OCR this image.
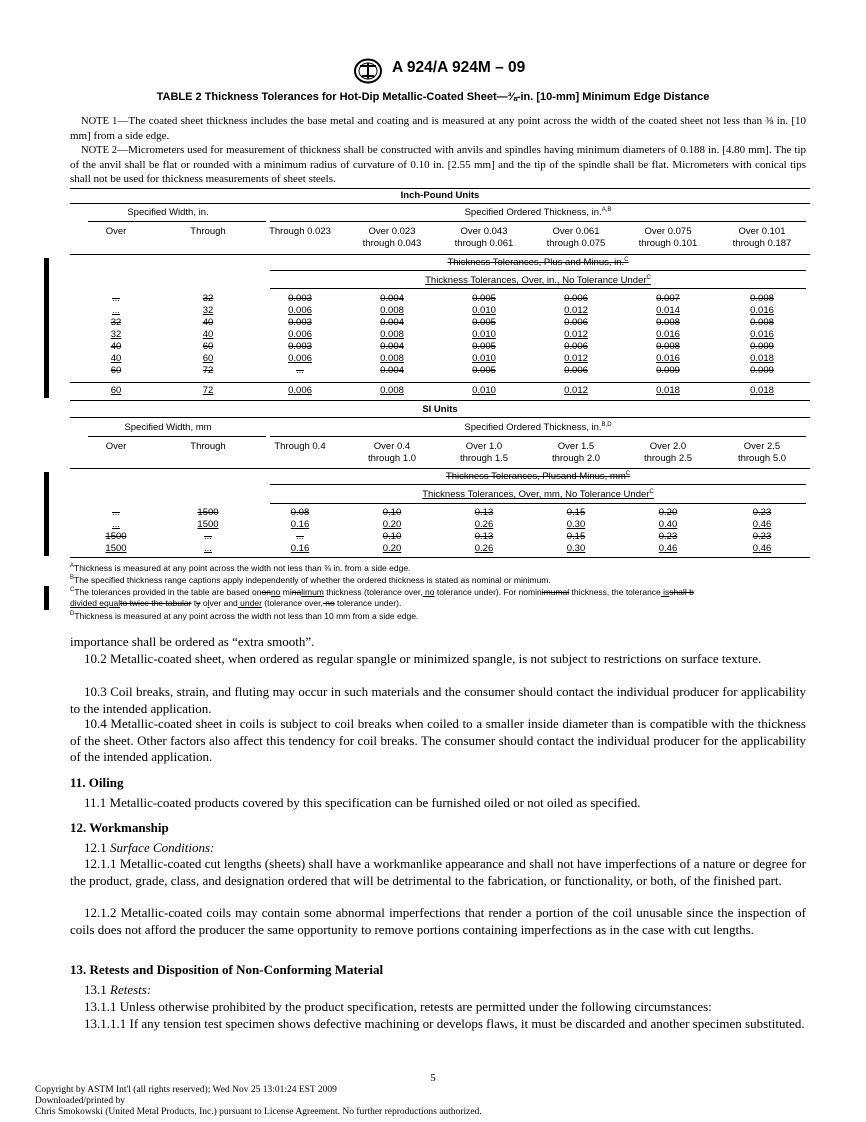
A 924/A 924M – 09
TABLE 2 Thickness Tolerances for Hot-Dip Metallic-Coated Sheet—⅜-in. [10-mm] Minimum Edge Distance
 NOTE 1—The coated sheet thickness includes the base metal and coating and is measured at any point across the width of the coated sheet not less than ⅜ in. [10 mm] from a side edge.
 NOTE 2—Micrometers used for measurement of thickness shall be constructed with anvils and spindles having minimum diameters of 0.188 in. [4.80 mm]. The tip of the anvil shall be flat or rounded with a minimum radius of curvature of 0.10 in. [2.55 mm] and the tip of the spindle shall be flat. Micrometers with conical tips shall not be used for thickness measurements of sheet steels.
Inch-Pound Units
Specified Width, in.	Specified Ordered Thickness, in.$^{A,B}$
Over	Through	Through 0.023	Over 0.023	Over 0.043	Over 0.061	Over 0.075	Over 0.101
			through 0.043	through 0.061	through 0.075	through 0.101	through 0.187
Thickness Tolerances, Plus and Minus, in.$^C$
Thickness Tolerances, Over, in., No Tolerance Under$^C$
...	32	0.003	0.004	0.005	0.006	0.007	0.008
...	32	0.006	0.008	0.010	0.012	0.014	0.016
32	40	0.003	0.004	0.005	0.006	0.008	0.008
32	40	0.006	0.008	0.010	0.012	0.016	0.016
40	60	0.003	0.004	0.005	0.006	0.008	0.009
40	60	0.006	0.008	0.010	0.012	0.016	0.018
60	72	...	0.004	0.005	0.006	0.009	0.009
60	72	0.006	0.008	0.010	0.012	0.018	0.018
SI Units
Specified Width, mm	Specified Ordered Thickness, in.$^{B,D}$
Over	Through	Through 0.4	Over 0.4	Over 1.0	Over 1.5	Over 2.0	Over 2.5
			through 1.0	through 1.5	through 2.0	through 2.5	through 5.0
Thickness Tolerances, Plusand Minus, $mm^C$
Thickness Tolerances, Over, mm, No Tolerance Under$^C$
...	1500	0.08	0.10	0.13	0.15	0.20	0.23
...	1500	0.16	0.20	0.26	0.30	0.40	0.46
1500	...	...	0.10	0.13	0.15	0.23	0.23
1500	...	0.16	0.20	0.26	0.30	0.46	0.46
$^A$Thickness is measured at any point across the width not less than ⅜ in. from a side edge.
$^B$The specified thickness range captions apply independently of whether the ordered thickness is stated as nominal or minimum.
$^C$The tolerances provided in the table are based ononno minalimum thickness (tolerance over, no tolerance under). For nominimumal thickness, the tolerance isshall b
divided equalto twice the tabular ty olver and under (tolerance over, no tolerance under).
$^D$Thickness is measured at any point across the width not less than 10 mm from a side edge.
importance shall be ordered as “extra smooth”.
10.2 Metallic-coated sheet, when ordered as regular spangle or minimized spangle, is not subject to restrictions on surface texture.
10.3 Coil breaks, strain, and fluting may occur in such materials and the consumer should contact the individual producer for applicability to the intended application.
10.4 Metallic-coated sheet in coils is subject to coil breaks when coiled to a smaller inside diameter than is compatible with the thickness of the sheet. Other factors also affect this tendency for coil breaks. The consumer should contact the individual producer for the applicability of the intended application.
11. Oiling
11.1 Metallic-coated products covered by this specification can be furnished oiled or not oiled as specified.
12. Workmanship
12.1 Surface Conditions:
12.1.1 Metallic-coated cut lengths (sheets) shall have a workmanlike appearance and shall not have imperfections of a nature or degree for the product, grade, class, and designation ordered that will be detrimental to the fabrication, or functionality, or both, of the finished part.
12.1.2 Metallic-coated coils may contain some abnormal imperfections that render a portion of the coil unusable since the inspection of coils does not afford the producer the same opportunity to remove portions containing imperfections as in the case with cut lengths.
13. Retests and Disposition of Non-Conforming Material
13.1 Retests:
13.1.1 Unless otherwise prohibited by the product specification, retests are permitted under the following circumstances:
13.1.1.1 If any tension test specimen shows defective machining or develops flaws, it must be discarded and another specimen substituted.
5
Copyright by ASTM Int'l (all rights reserved); Wed Nov 25 13:01:24 EST 2009
Downloaded/printed by
Chris Smokowski (United Metal Products, Inc.) pursuant to License Agreement. No further reproductions authorized.
